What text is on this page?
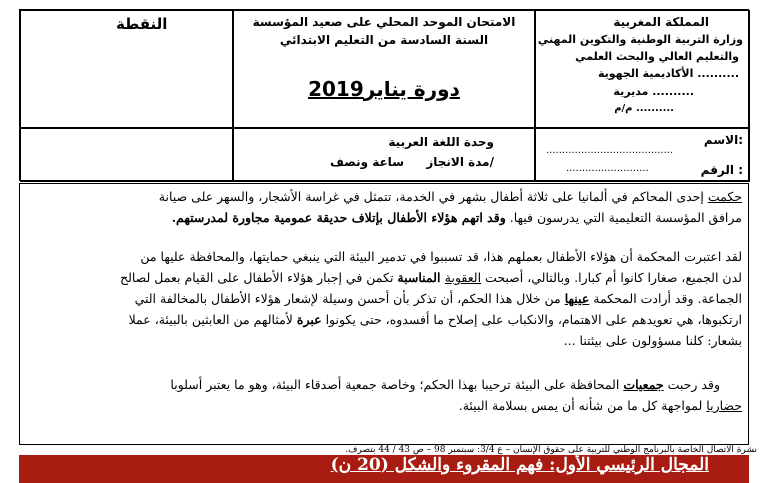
المملكة المغربية
وزارة التربية الوطنية والتكوين المهني
والتعليم العالي والبحث العلمي
الأكاديمية الجهوية ..........
مديرية ..........
م/م ..........
الامتحان الموحد المحلي على صعيد المؤسسة
السنة السادسة من التعليم الابتدائي
دورة يناير2019
النقطة
الاسم:
........................................
الرقم :
..........................
وحدة اللغة العربية
مدة الانجاز/
ساعة ونصف
حكمت إحدى المحاكم في ألمانيا على ثلاثة أطفال بشهر في الخدمة، تتمثل في غراسة الأشجار، والسهر على صيانة
مرافق المؤسسة التعليمية التي يدرسون فيها. وقد اتهم هؤلاء الأطفال بإتلاف حديقة عمومية مجاورة لمدرستهم.
لقد اعتبرت المحكمة أن هؤلاء الأطفال بعملهم هذا، قد تسببوا في تدمير البيئة التي ينبغي حمايتها، والمحافظة عليها من
لدن الجميع، صغارا كانوا أم كبارا. وبالتالي، أصبحت العقوبة المناسبة تكمن في إجبار هؤلاء الأطفال على القيام بعمل لصالح
الجماعة. وقد أرادت المحكمة عينها من خلال هذا الحكم، أن تذكر بأن أحسن وسيلة لإشعار هؤلاء الأطفال بالمخالفة التي
ارتكبوها، هي تعويدهم على الاهتمام، والانكباب على إصلاح ما أفسدوه، حتى يكونوا عبرة لأمثالهم من العابثين بالبيئة، عملا
بشعار: كلنا مسؤولون على بيئتنا ...
وقد رحبت جمعيات المحافظة على البيئة ترحيبا بهذا الحكم؛ وخاصة جمعية أصدقاء البيئة، وهو ما يعتبر أسلوبا
حضاريا لمواجهة كل ما من شأنه أن يمس بسلامة البيئة.
نشرة الاتصال الخاصة بالبرنامج الوطني للتربية على حقوق الإنسان – ع 3/4: سبتمبر 98 – ص 43 / 44 بتصرف.
المجال الرئيسي الأول: فهم المقروء والشكل (20 ن)
